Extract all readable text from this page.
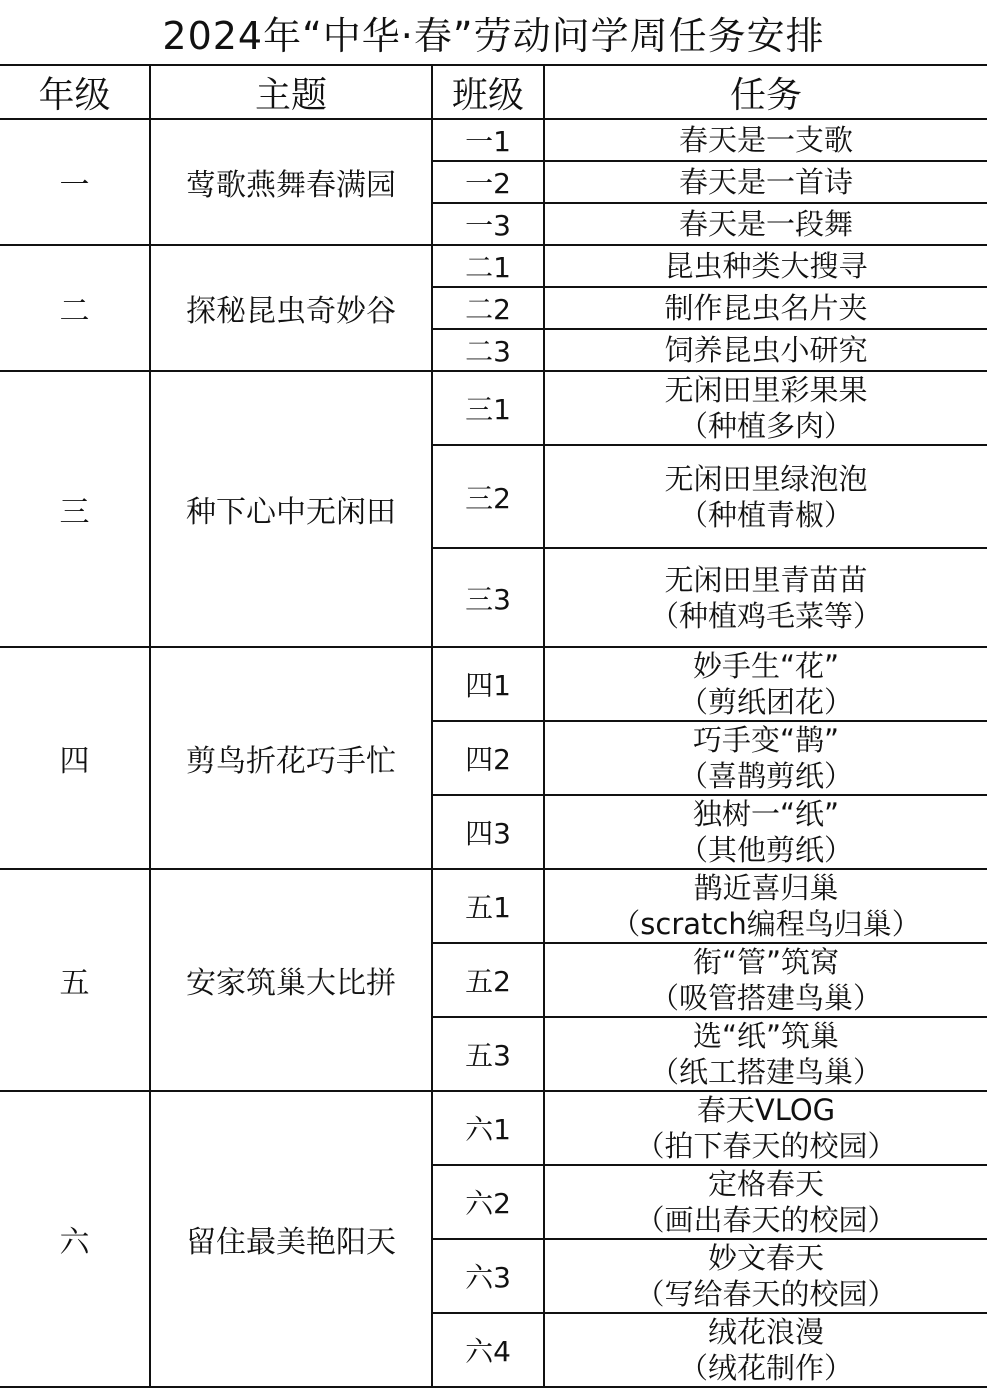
2024年“中华·春”劳动问学周任务安排
年级	主题	班级	任务
一	莺歌燕舞春满园	一1	春天是一支歌

		一2	春天是一首诗

		一3	春天是一段舞

二	探秘昆虫奇妙谷	二1	昆虫种类大搜寻

		二2	制作昆虫名片夹

		二3	饲养昆虫小研究

三	种下心中无闲田	三1	无闲田里彩果果
（种植多肉）

		三2	无闲田里绿泡泡
（种植青椒）

		三3	无闲田里青苗苗
（种植鸡毛菜等）

四	剪鸟折花巧手忙	四1	妙手生“花”
（剪纸团花）

		四2	巧手变“鹊”
（喜鹊剪纸）

		四3	独树一“纸”
（其他剪纸）

五	安家筑巢大比拼	五1	鹊近喜归巢
（scratch编程鸟归巢）

		五2	衔“管”筑窝
（吸管搭建鸟巢）

		五3	选“纸”筑巢
（纸工搭建鸟巢）

六	留住最美艳阳天	六1	春天VLOG
（拍下春天的校园）

		六2	定格春天
（画出春天的校园）

		六3	妙文春天
（写给春天的校园）

		六4	绒花浪漫
（绒花制作）
